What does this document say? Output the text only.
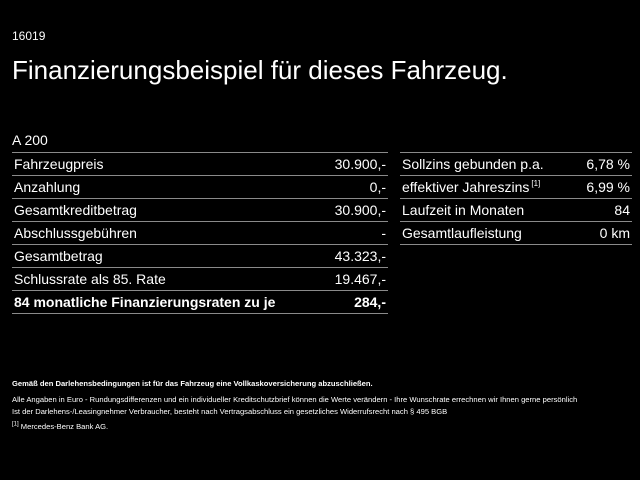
16019
Finanzierungsbeispiel für dieses Fahrzeug.
A 200
Fahrzeugpreis	30.900,-
Anzahlung	0,-
Gesamtkreditbetrag	30.900,-
Abschlussgebühren	-
Gesamtbetrag	43.323,-
Schlussrate als 85. Rate	19.467,-
84 monatliche Finanzierungsraten zu je	284,-
Sollzins gebunden p.a.	6,78 %
effektiver Jahreszins [1]	6,99 %
Laufzeit in Monaten	84
Gesamtlaufleistung	0 km
Gemäß den Darlehensbedingungen ist für das Fahrzeug eine Vollkaskoversicherung abzuschließen.
Alle Angaben in Euro - Rundungsdifferenzen und ein individueller Kreditschutzbrief können die Werte verändern - Ihre Wunschrate errechnen wir Ihnen gerne persönlich
Ist der Darlehens-/Leasingnehmer Verbraucher, besteht nach Vertragsabschluss ein gesetzliches Widerrufsrecht nach § 495 BGB
[1] Mercedes-Benz Bank AG.
